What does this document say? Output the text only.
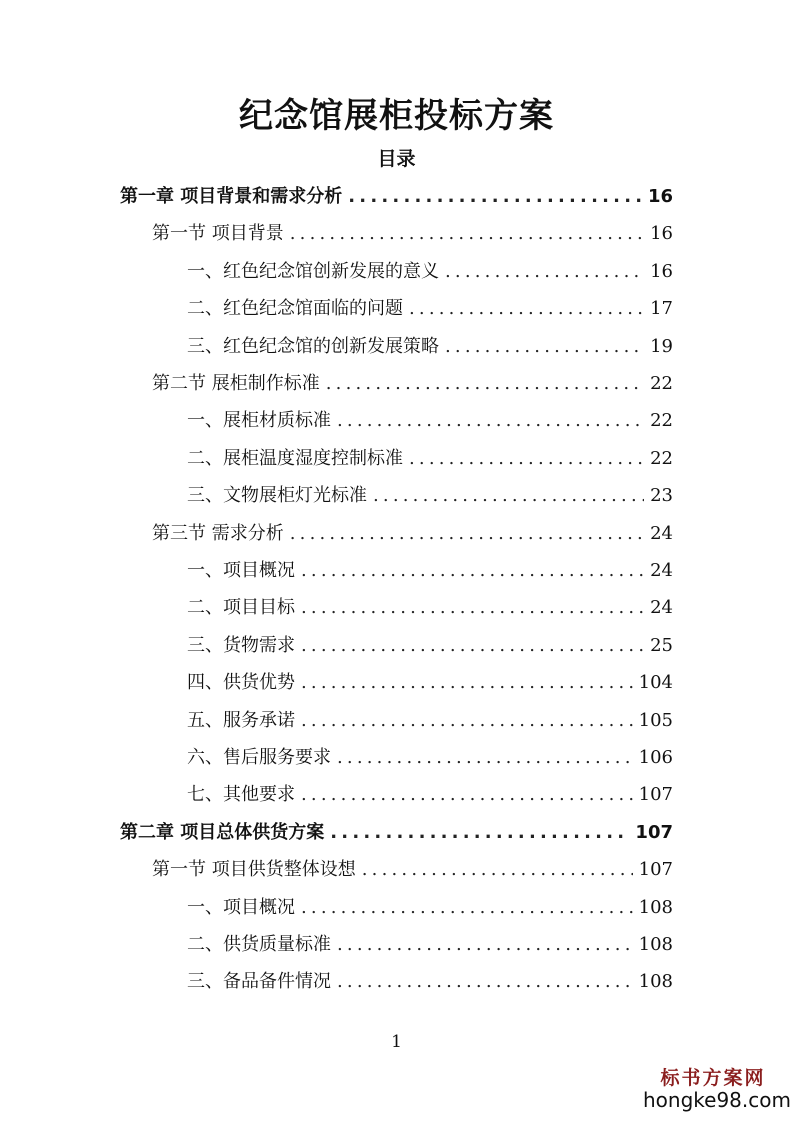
纪念馆展柜投标方案
目录
第一章 项目背景和需求分析 .....	16
第一节 项目背景 .....	16
一、红色纪念馆创新发展的意义 .....	16
二、红色纪念馆面临的问题 .....	17
三、红色纪念馆的创新发展策略 .....	19
第二节 展柜制作标准 .....	22
一、展柜材质标准 .....	22
二、展柜温度湿度控制标准 .....	22
三、文物展柜灯光标准 .....	23
第三节 需求分析 .....	24
一、项目概况 .....	24
二、项目目标 .....	24
三、货物需求 .....	25
四、供货优势 .....	104
五、服务承诺 .....	105
六、售后服务要求 .....	106
七、其他要求 .....	107
第二章 项目总体供货方案 .....	107
第一节 项目供货整体设想 .....	107
一、项目概况 .....	108
二、供货质量标准 .....	108
三、备品备件情况 .....	108
1
标书方案网
hongke98.com
